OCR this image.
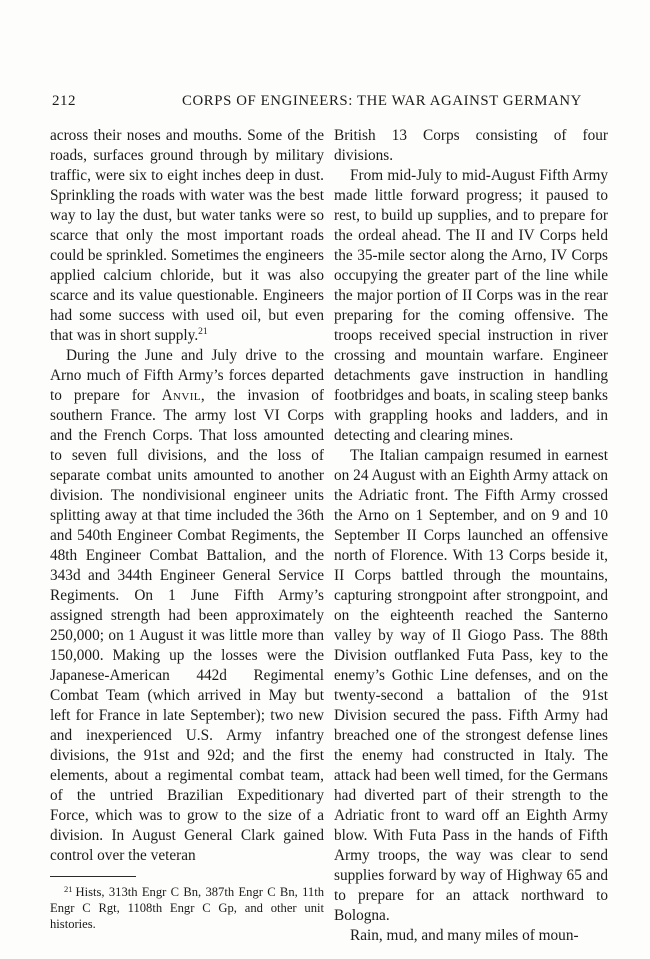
212	CORPS OF ENGINEERS: THE WAR AGAINST GERMANY

across their noses and mouths. Some of the roads, surfaces ground through by military traffic, were six to eight inches deep in dust. Sprinkling the roads with water was the best way to lay the dust, but water tanks were so scarce that only the most important roads could be sprinkled. Sometimes the engineers applied calcium chloride, but it was also scarce and its value questionable. Engineers had some success with used oil, but even that was in short supply.$^{21}$

During the June and July drive to the Arno much of Fifth Army’s forces departed to prepare for Anvil, the invasion of southern France. The army lost VI Corps and the French Corps. That loss amounted to seven full divisions, and the loss of separate combat units amounted to another division. The nondivisional engineer units splitting away at that time included the 36th and 540th Engineer Combat Regiments, the 48th Engineer Combat Battalion, and the 343d and 344th Engineer General Service Regiments. On 1 June Fifth Army’s assigned strength had been approximately 250,000; on 1 August it was little more than 150,000. Making up the losses were the Japanese-American 442d Regimental Combat Team (which arrived in May but left for France in late September); two new and inexperienced U.S. Army infantry divisions, the 91st and 92d; and the first elements, about a regimental combat team, of the untried Brazilian Expeditionary Force, which was to grow to the size of a division. In August General Clark gained control over the veteran

$^{21}$ Hists, 313th Engr C Bn, 387th Engr C Bn, 11th Engr C Rgt, 1108th Engr C Gp, and other unit histories.

British 13 Corps consisting of four divisions.

From mid-July to mid-August Fifth Army made little forward progress; it paused to rest, to build up supplies, and to prepare for the ordeal ahead. The II and IV Corps held the 35-mile sector along the Arno, IV Corps occupying the greater part of the line while the major portion of II Corps was in the rear preparing for the coming offensive. The troops received special instruction in river crossing and mountain warfare. Engineer detachments gave instruction in handling footbridges and boats, in scaling steep banks with grappling hooks and ladders, and in detecting and clearing mines.

The Italian campaign resumed in earnest on 24 August with an Eighth Army attack on the Adriatic front. The Fifth Army crossed the Arno on 1 September, and on 9 and 10 September II Corps launched an offensive north of Florence. With 13 Corps beside it, II Corps battled through the mountains, capturing strongpoint after strongpoint, and on the eighteenth reached the Santerno valley by way of Il Giogo Pass. The 88th Division outflanked Futa Pass, key to the enemy’s Gothic Line defenses, and on the twenty-second a battalion of the 91st Division secured the pass. Fifth Army had breached one of the strongest defense lines the enemy had constructed in Italy. The attack had been well timed, for the Germans had diverted part of their strength to the Adriatic front to ward off an Eighth Army blow. With Futa Pass in the hands of Fifth Army troops, the way was clear to send supplies forward by way of Highway 65 and to prepare for an attack northward to Bologna.

Rain, mud, and many miles of moun-
